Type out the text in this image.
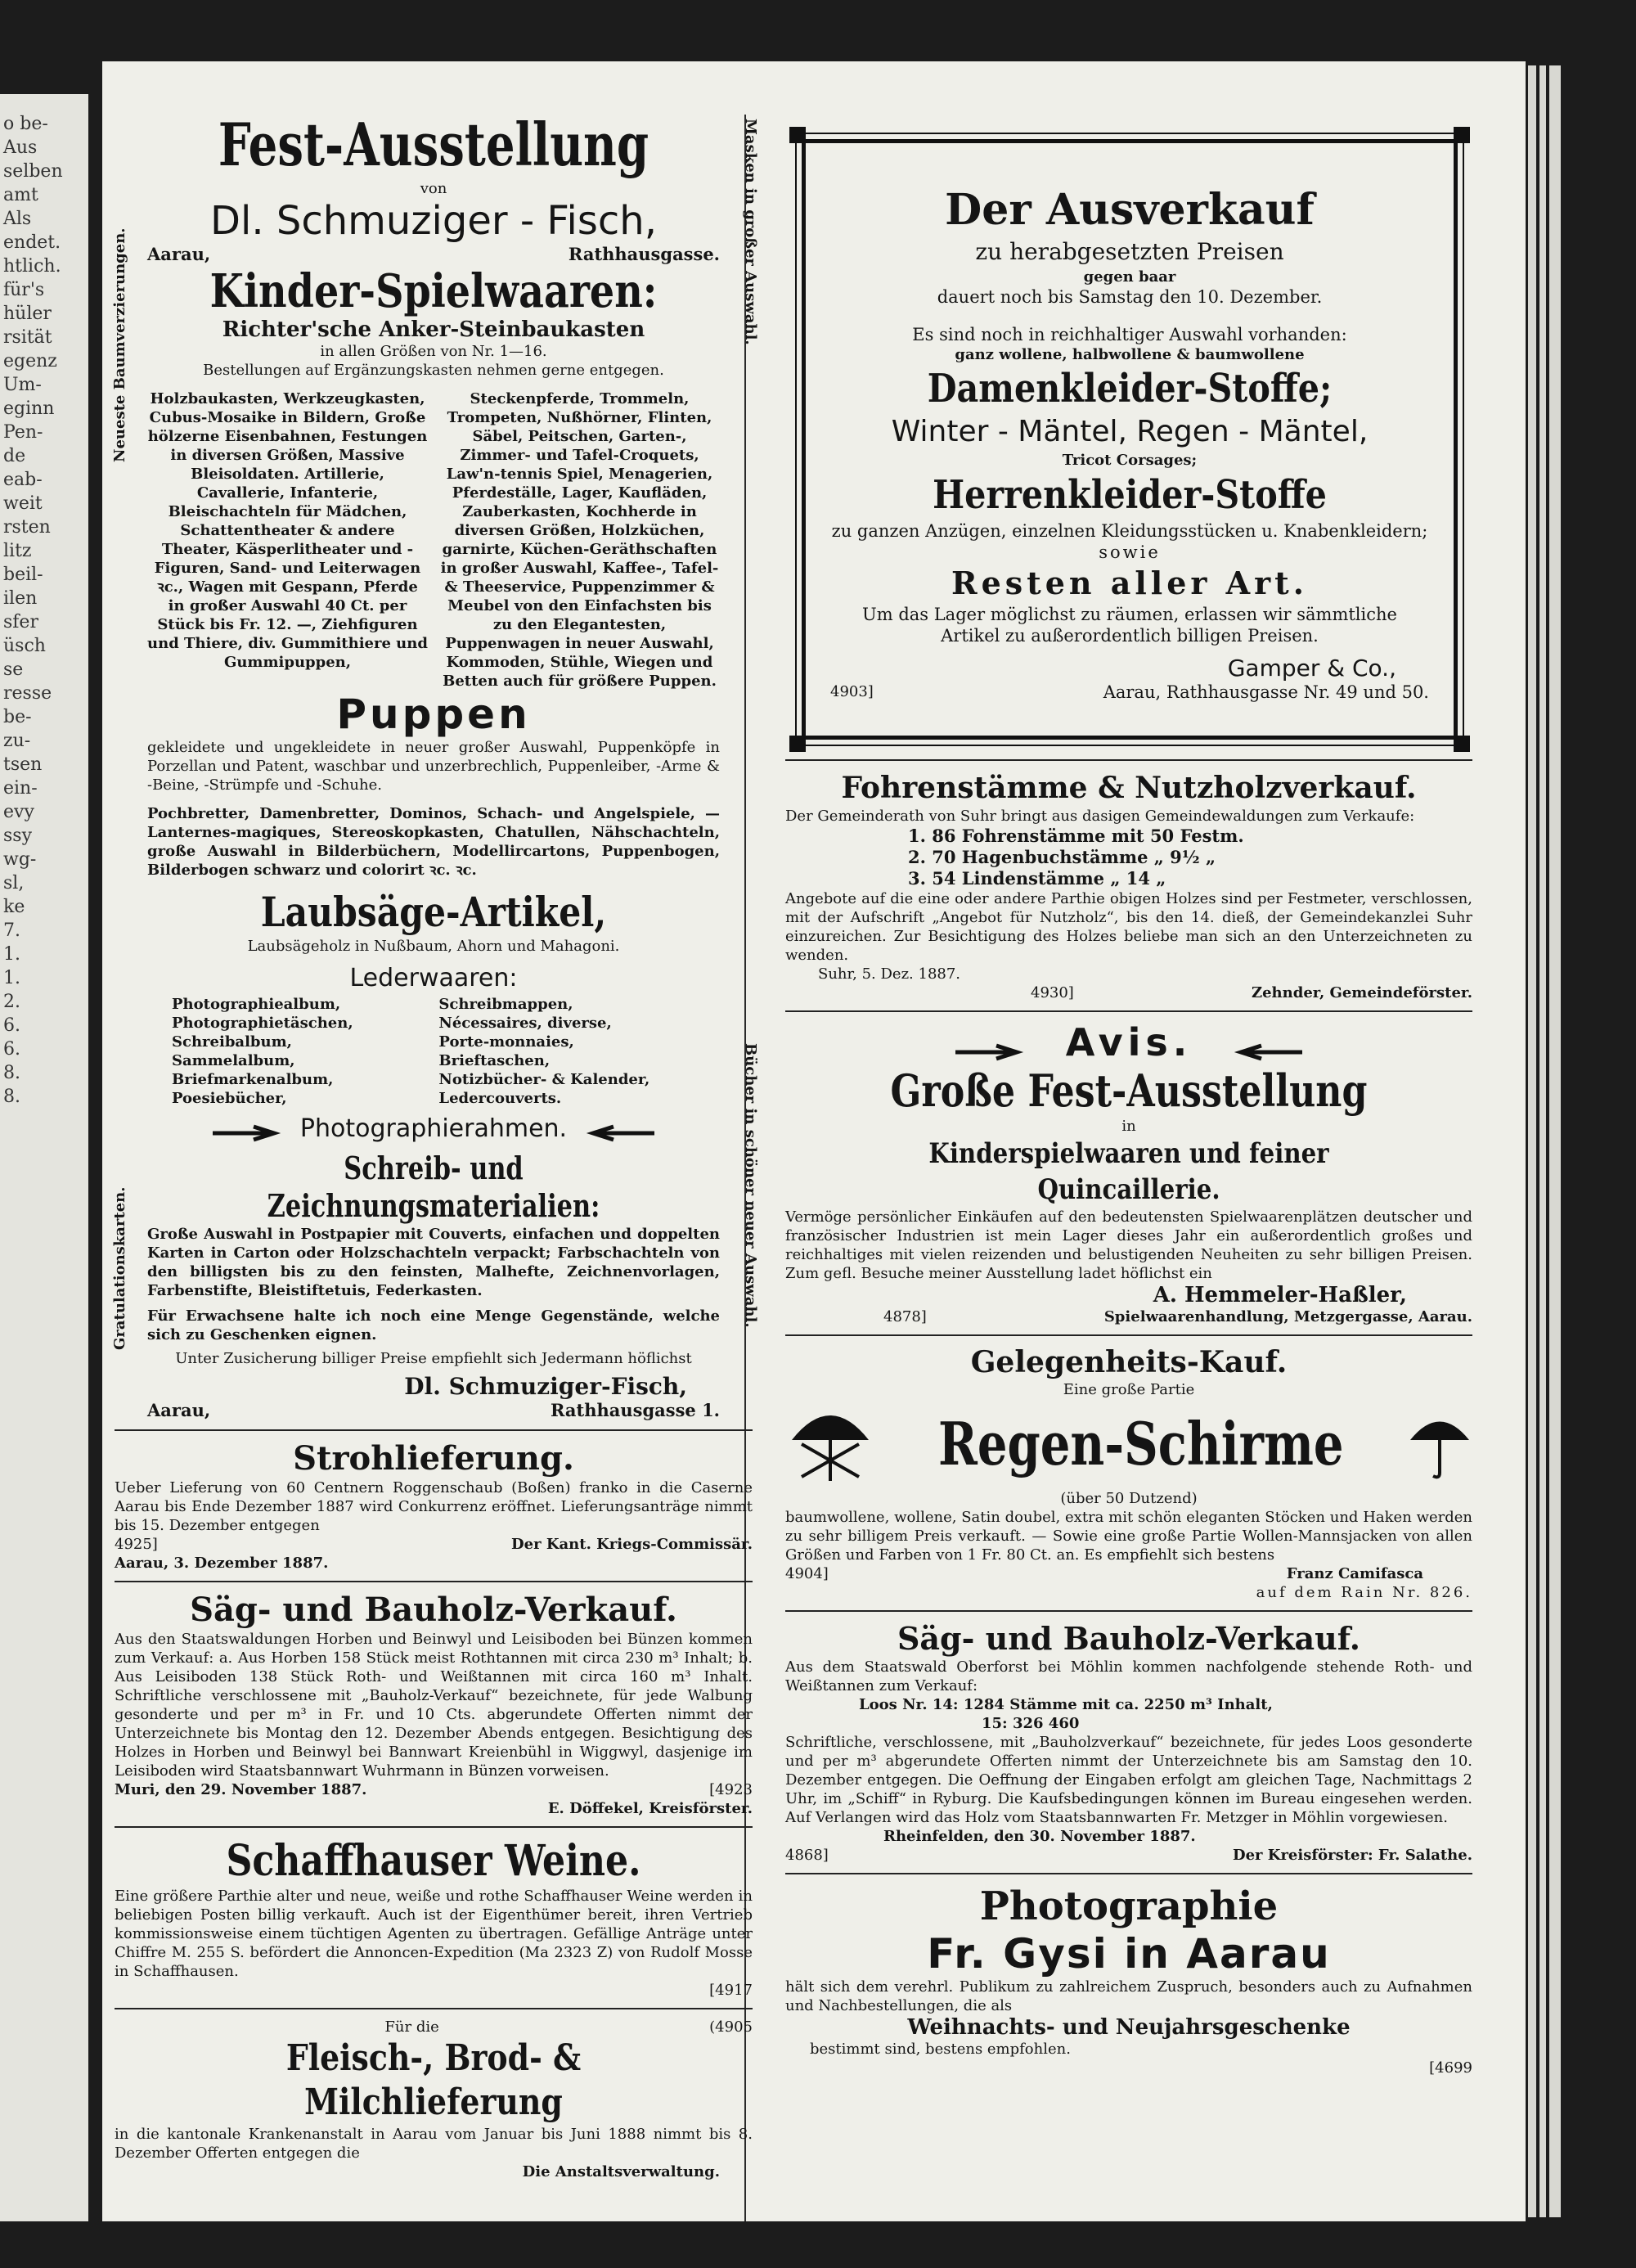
o be-
Aus
selben
amt
Als
endet.
htlich.
für's
hüler
rsität
egenz
Um-
eginn
Pen-
de
eab-
weit
rsten
litz
beil-
ilen
sfer
üsch
se
resse
be-
zu-
tsen
ein-
evy
ssy
wg-
sl,
ke
7.
1.
1.
2.
6.
6.
8.
8.
Neueste Baumverzierungen.	Masken in großer Auswahl.
Fest-Ausstellung
von
Dl. Schmuziger - Fisch,
Aarau,	Rathhausgasse.
Kinder-Spielwaaren:
Richter'sche Anker-Steinbaukasten
in allen Größen von Nr. 1—16.
Bestellungen auf Ergänzungskasten nehmen gerne entgegen.
Holzbaukasten, Werkzeugkasten, Cubus-Mosaike in Bildern, Große hölzerne Eisenbahnen, Festungen in diversen Größen, Massive Bleisoldaten. Artillerie, Cavallerie, Infanterie, Bleischachteln für Mädchen, Schattentheater & andere Theater, Käsperlitheater und -Figuren, Sand- und Leiterwagen ꝛc., Wagen mit Gespann, Pferde in großer Auswahl 40 Ct. per Stück bis Fr. 12. —, Ziehfiguren und Thiere, div. Gummithiere und Gummipuppen,
Steckenpferde, Trommeln, Trompeten, Nußhörner, Flinten, Säbel, Peitschen, Garten-, Zimmer- und Tafel-Croquets, Law'n-tennis Spiel, Menagerien, Pferdeställe, Lager, Kaufläden, Zauberkasten, Kochherde in diversen Größen, Holzküchen, garnirte, Küchen-Geräthschaften in großer Auswahl, Kaffee-, Tafel- & Theeservice, Puppenzimmer & Meubel von den Einfachsten bis zu den Elegantesten, Puppenwagen in neuer Auswahl, Kommoden, Stühle, Wiegen und Betten auch für größere Puppen.
Puppen
gekleidete und ungekleidete in neuer großer Auswahl, Puppenköpfe in Porzellan und Patent, waschbar und unzerbrechlich, Puppenleiber, -Arme & -Beine, -Strümpfe und -Schuhe.
Pochbretter, Damenbretter, Dominos, Schach- und Angelspiele, — Lanternes-magiques, Stereoskopkasten, Chatullen, Nähschachteln, große Auswahl in Bilderbüchern, Modellircartons, Puppenbogen, Bilderbogen schwarz und colorirt ꝛc. ꝛc.
Laubsäge-Artikel,
Laubsägeholz in Nußbaum, Ahorn und Mahagoni.
Lederwaaren:
Gratulationskarten.	Bücher in schöner neuer Auswahl.
Photographiealbum,
Photographietäschen,
Schreibalbum,
Sammelalbum,
Briefmarkenalbum,
Poesiebücher,
Schreibmappen,
Nécessaires, diverse,
Porte-monnaies,
Brieftaschen,
Notizbücher- & Kalender,
Ledercouverts.
Photographierahmen.
Schreib- und Zeichnungsmaterialien:
Große Auswahl in Postpapier mit Couverts, einfachen und doppelten Karten in Carton oder Holzschachteln verpackt; Farbschachteln von den billigsten bis zu den feinsten, Malhefte, Zeichnenvorlagen, Farbenstifte, Bleistiftetuis, Federkasten.
Für Erwachsene halte ich noch eine Menge Gegenstände, welche sich zu Geschenken eignen.
Unter Zusicherung billiger Preise empfiehlt sich Jedermann höflichst
Dl. Schmuziger-Fisch,
Aarau,	Rathhausgasse 1.
Strohlieferung.
Ueber Lieferung von 60 Centnern Roggenschaub (Boßen) franko in die Caserne Aarau bis Ende Dezember 1887 wird Conkurrenz eröffnet. Lieferungsanträge nimmt bis 15. Dezember entgegen
4925]	Der Kant. Kriegs-Commissär.
Aarau, 3. Dezember 1887.
Säg- und Bauholz-Verkauf.
Aus den Staatswaldungen Horben und Beinwyl und Leisiboden bei Bünzen kommen zum Verkauf: a. Aus Horben 158 Stück meist Rothtannen mit circa 230 m³ Inhalt; b. Aus Leisiboden 138 Stück Roth- und Weißtannen mit circa 160 m³ Inhalt. Schriftliche verschlossene mit „Bauholz-Verkauf“ bezeichnete, für jede Walbung gesonderte und per m³ in Fr. und 10 Cts. abgerundete Offerten nimmt der Unterzeichnete bis Montag den 12. Dezember Abends entgegen. Besichtigung des Holzes in Horben und Beinwyl bei Bannwart Kreienbühl in Wiggwyl, dasjenige im Leisiboden wird Staatsbannwart Wuhrmann in Bünzen vorweisen.
Muri, den 29. November 1887.	[4923
E. Döffekel, Kreisförster.
Schaffhauser Weine.
Eine größere Parthie alter und neue, weiße und rothe Schaffhauser Weine werden in beliebigen Posten billig verkauft. Auch ist der Eigenthümer bereit, ihren Vertrieb kommissionsweise einem tüchtigen Agenten zu übertragen. Gefällige Anträge unter Chiffre M. 255 S. befördert die Annoncen-Expedition (Ma 2323 Z) von Rudolf Mosse in Schaffhausen.
[4917
Für die	(4905
Fleisch-, Brod- & Milchlieferung
in die kantonale Krankenanstalt in Aarau vom Januar bis Juni 1888 nimmt bis 8. Dezember Offerten entgegen die
Die Anstaltsverwaltung.
Der Ausverkauf
zu herabgesetzten Preisen
gegen baar
dauert noch bis Samstag den 10. Dezember.
Es sind noch in reichhaltiger Auswahl vorhanden:
ganz wollene, halbwollene & baumwollene
Damenkleider-Stoffe;
Winter - Mäntel, Regen - Mäntel,
Tricot Corsages;
Herrenkleider-Stoffe
zu ganzen Anzügen, einzelnen Kleidungsstücken u. Knabenkleidern;
sowie
Resten aller Art.
Um das Lager möglichst zu räumen, erlassen wir sämmtliche Artikel zu außerordentlich billigen Preisen.
Gamper & Co.,
4903]	Aarau, Rathhausgasse Nr. 49 und 50.
Fohrenstämme & Nutzholzverkauf.
Der Gemeinderath von Suhr bringt aus dasigen Gemeindewaldungen zum Verkaufe:
1. 86 Fohrenstämme mit 50 Festm.
2. 70 Hagenbuchstämme „ 9½ „
3. 54 Lindenstämme „ 14 „
Angebote auf die eine oder andere Parthie obigen Holzes sind per Festmeter, verschlossen, mit der Aufschrift „Angebot für Nutzholz“, bis den 14. dieß, der Gemeindekanzlei Suhr einzureichen. Zur Besichtigung des Holzes beliebe man sich an den Unterzeichneten zu wenden.
Suhr, 5. Dez. 1887.
4930]	Zehnder, Gemeindeförster.
Avis.
Große Fest-Ausstellung
in
Kinderspielwaaren und feiner Quincaillerie.
Vermöge persönlicher Einkäufen auf den bedeutensten Spielwaarenplätzen deutscher und französischer Industrien ist mein Lager dieses Jahr ein außerordentlich großes und reichhaltiges mit vielen reizenden und belustigenden Neuheiten zu sehr billigen Preisen. Zum gefl. Besuche meiner Ausstellung ladet höflichst ein
A. Hemmeler-Haßler,
4878]	Spielwaarenhandlung, Metzgergasse, Aarau.
Gelegenheits-Kauf.
Eine große Partie
Regen-Schirme
(über 50 Dutzend)
baumwollene, wollene, Satin doubel, extra mit schön eleganten Stöcken und Haken werden zu sehr billigem Preis verkauft. — Sowie eine große Partie Wollen-Mannsjacken von allen Größen und Farben von 1 Fr. 80 Ct. an. Es empfiehlt sich bestens
4904]	Franz Camifasca
auf dem Rain Nr. 826.
Säg- und Bauholz-Verkauf.
Aus dem Staatswald Oberforst bei Möhlin kommen nachfolgende stehende Roth- und Weißtannen zum Verkauf:
Loos Nr. 14: 1284 Stämme mit ca. 2250 m³ Inhalt,
15: 326 460
Schriftliche, verschlossene, mit „Bauholzverkauf“ bezeichnete, für jedes Loos gesonderte und per m³ abgerundete Offerten nimmt der Unterzeichnete bis am Samstag den 10. Dezember entgegen. Die Oeffnung der Eingaben erfolgt am gleichen Tage, Nachmittags 2 Uhr, im „Schiff“ in Ryburg. Die Kaufsbedingungen können im Bureau eingesehen werden. Auf Verlangen wird das Holz vom Staatsbannwarten Fr. Metzger in Möhlin vorgewiesen.
Rheinfelden, den 30. November 1887.
4868]	Der Kreisförster: Fr. Salathe.
Photographie
Fr. Gysi in Aarau
hält sich dem verehrl. Publikum zu zahlreichem Zuspruch, besonders auch zu Aufnahmen und Nachbestellungen, die als
Weihnachts- und Neujahrsgeschenke
bestimmt sind, bestens empfohlen.
[4699
